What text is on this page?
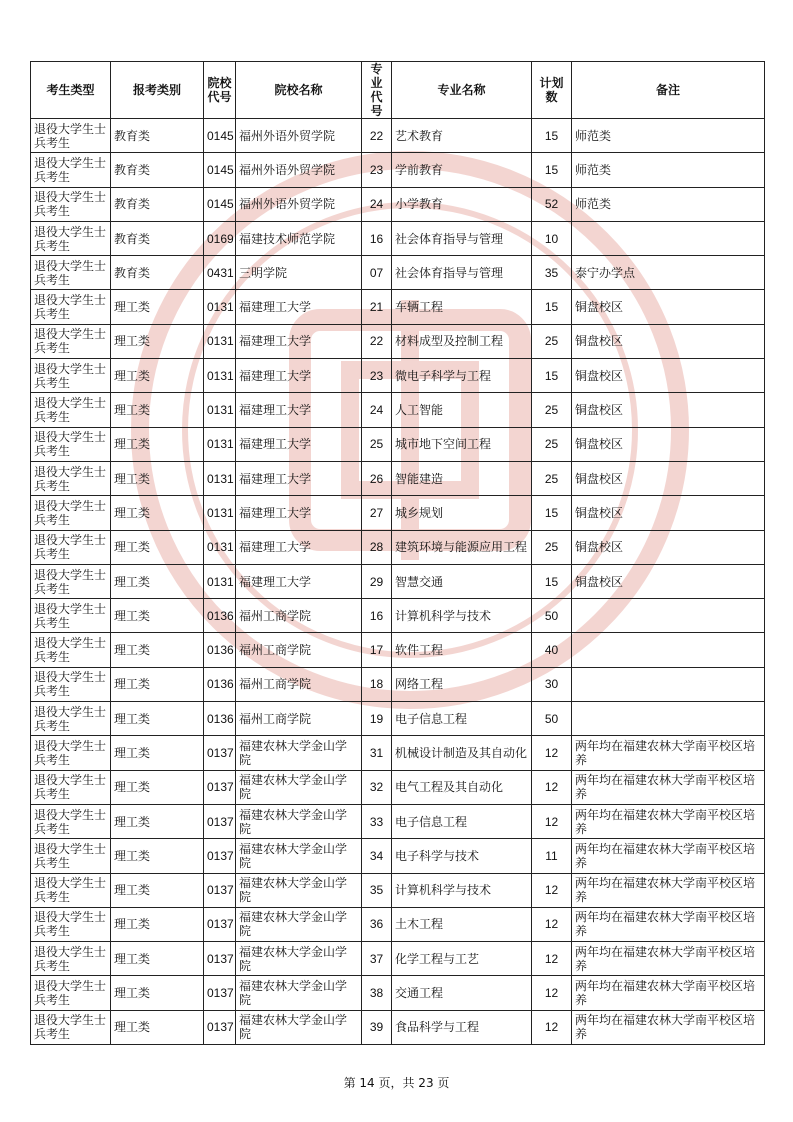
考生类型	报考类别	院校代号	院校名称	专业代号	专业名称	计划数	备注
退役大学生士兵考生	教育类	0145	福州外语外贸学院	22	艺术教育	15	师范类
退役大学生士兵考生	教育类	0145	福州外语外贸学院	23	学前教育	15	师范类
退役大学生士兵考生	教育类	0145	福州外语外贸学院	24	小学教育	52	师范类
退役大学生士兵考生	教育类	0169	福建技术师范学院	16	社会体育指导与管理	10	
退役大学生士兵考生	教育类	0431	三明学院	07	社会体育指导与管理	35	泰宁办学点
退役大学生士兵考生	理工类	0131	福建理工大学	21	车辆工程	15	铜盘校区
退役大学生士兵考生	理工类	0131	福建理工大学	22	材料成型及控制工程	25	铜盘校区
退役大学生士兵考生	理工类	0131	福建理工大学	23	微电子科学与工程	15	铜盘校区
退役大学生士兵考生	理工类	0131	福建理工大学	24	人工智能	25	铜盘校区
退役大学生士兵考生	理工类	0131	福建理工大学	25	城市地下空间工程	25	铜盘校区
退役大学生士兵考生	理工类	0131	福建理工大学	26	智能建造	25	铜盘校区
退役大学生士兵考生	理工类	0131	福建理工大学	27	城乡规划	15	铜盘校区
退役大学生士兵考生	理工类	0131	福建理工大学	28	建筑环境与能源应用工程	25	铜盘校区
退役大学生士兵考生	理工类	0131	福建理工大学	29	智慧交通	15	铜盘校区
退役大学生士兵考生	理工类	0136	福州工商学院	16	计算机科学与技术	50	
退役大学生士兵考生	理工类	0136	福州工商学院	17	软件工程	40	
退役大学生士兵考生	理工类	0136	福州工商学院	18	网络工程	30	
退役大学生士兵考生	理工类	0136	福州工商学院	19	电子信息工程	50	
退役大学生士兵考生	理工类	0137	福建农林大学金山学院	31	机械设计制造及其自动化	12	两年均在福建农林大学南平校区培养
退役大学生士兵考生	理工类	0137	福建农林大学金山学院	32	电气工程及其自动化	12	两年均在福建农林大学南平校区培养
退役大学生士兵考生	理工类	0137	福建农林大学金山学院	33	电子信息工程	12	两年均在福建农林大学南平校区培养
退役大学生士兵考生	理工类	0137	福建农林大学金山学院	34	电子科学与技术	11	两年均在福建农林大学南平校区培养
退役大学生士兵考生	理工类	0137	福建农林大学金山学院	35	计算机科学与技术	12	两年均在福建农林大学南平校区培养
退役大学生士兵考生	理工类	0137	福建农林大学金山学院	36	土木工程	12	两年均在福建农林大学南平校区培养
退役大学生士兵考生	理工类	0137	福建农林大学金山学院	37	化学工程与工艺	12	两年均在福建农林大学南平校区培养
退役大学生士兵考生	理工类	0137	福建农林大学金山学院	38	交通工程	12	两年均在福建农林大学南平校区培养
退役大学生士兵考生	理工类	0137	福建农林大学金山学院	39	食品科学与工程	12	两年均在福建农林大学南平校区培养
第 14 页，共 23 页
